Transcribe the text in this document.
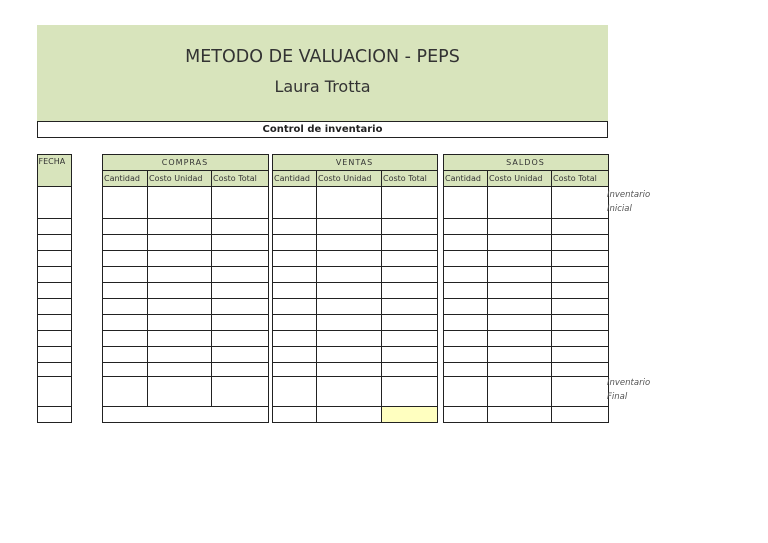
METODO DE VALUACION - PEPS
Laura Trotta
Control de inventario
FECHA	COMPRAS
Cantidad Costo Unidad Costo Total
VENTAS
Cantidad Costo Unidad Costo Total
SALDOS
Cantidad Costo Unidad Costo Total
Inventario Inicial
Inventario Final
